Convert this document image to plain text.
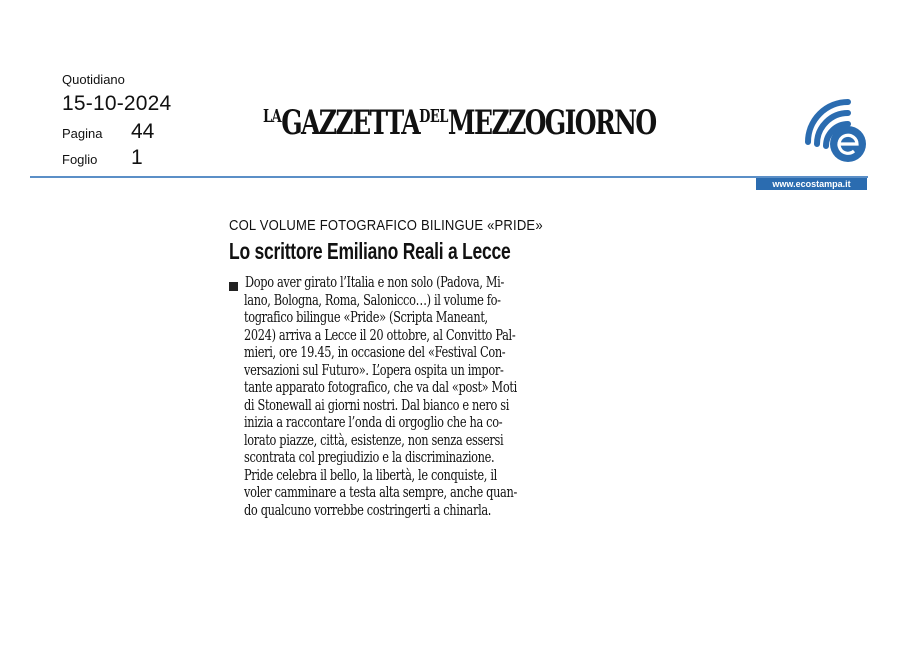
Quotidiano
15-10-2024
Pagina 44
Foglio 1
$^{LA}GAZZETTA^{DEL}MEZZOGIORNO$
www.ecostampa.it
COL VOLUME FOTOGRAFICO BILINGUE «PRIDE»
Lo scrittore Emiliano Reali a Lecce
Dopo aver girato l’Italia e non solo (Padova, Mi-
lano, Bologna, Roma, Salonicco…) il volume fo-
tografico bilingue «Pride» (Scripta Maneant,
2024) arriva a Lecce il 20 ottobre, al Convitto Pal-
mieri, ore 19.45, in occasione del «Festival Con-
versazioni sul Futuro». L’opera ospita un impor-
tante apparato fotografico, che va dal «post» Moti
di Stonewall ai giorni nostri. Dal bianco e nero si
inizia a raccontare l’onda di orgoglio che ha co-
lorato piazze, città, esistenze, non senza essersi
scontrata col pregiudizio e la discriminazione.
Pride celebra il bello, la libertà, le conquiste, il
voler camminare a testa alta sempre, anche quan-
do qualcuno vorrebbe costringerti a chinarla.
